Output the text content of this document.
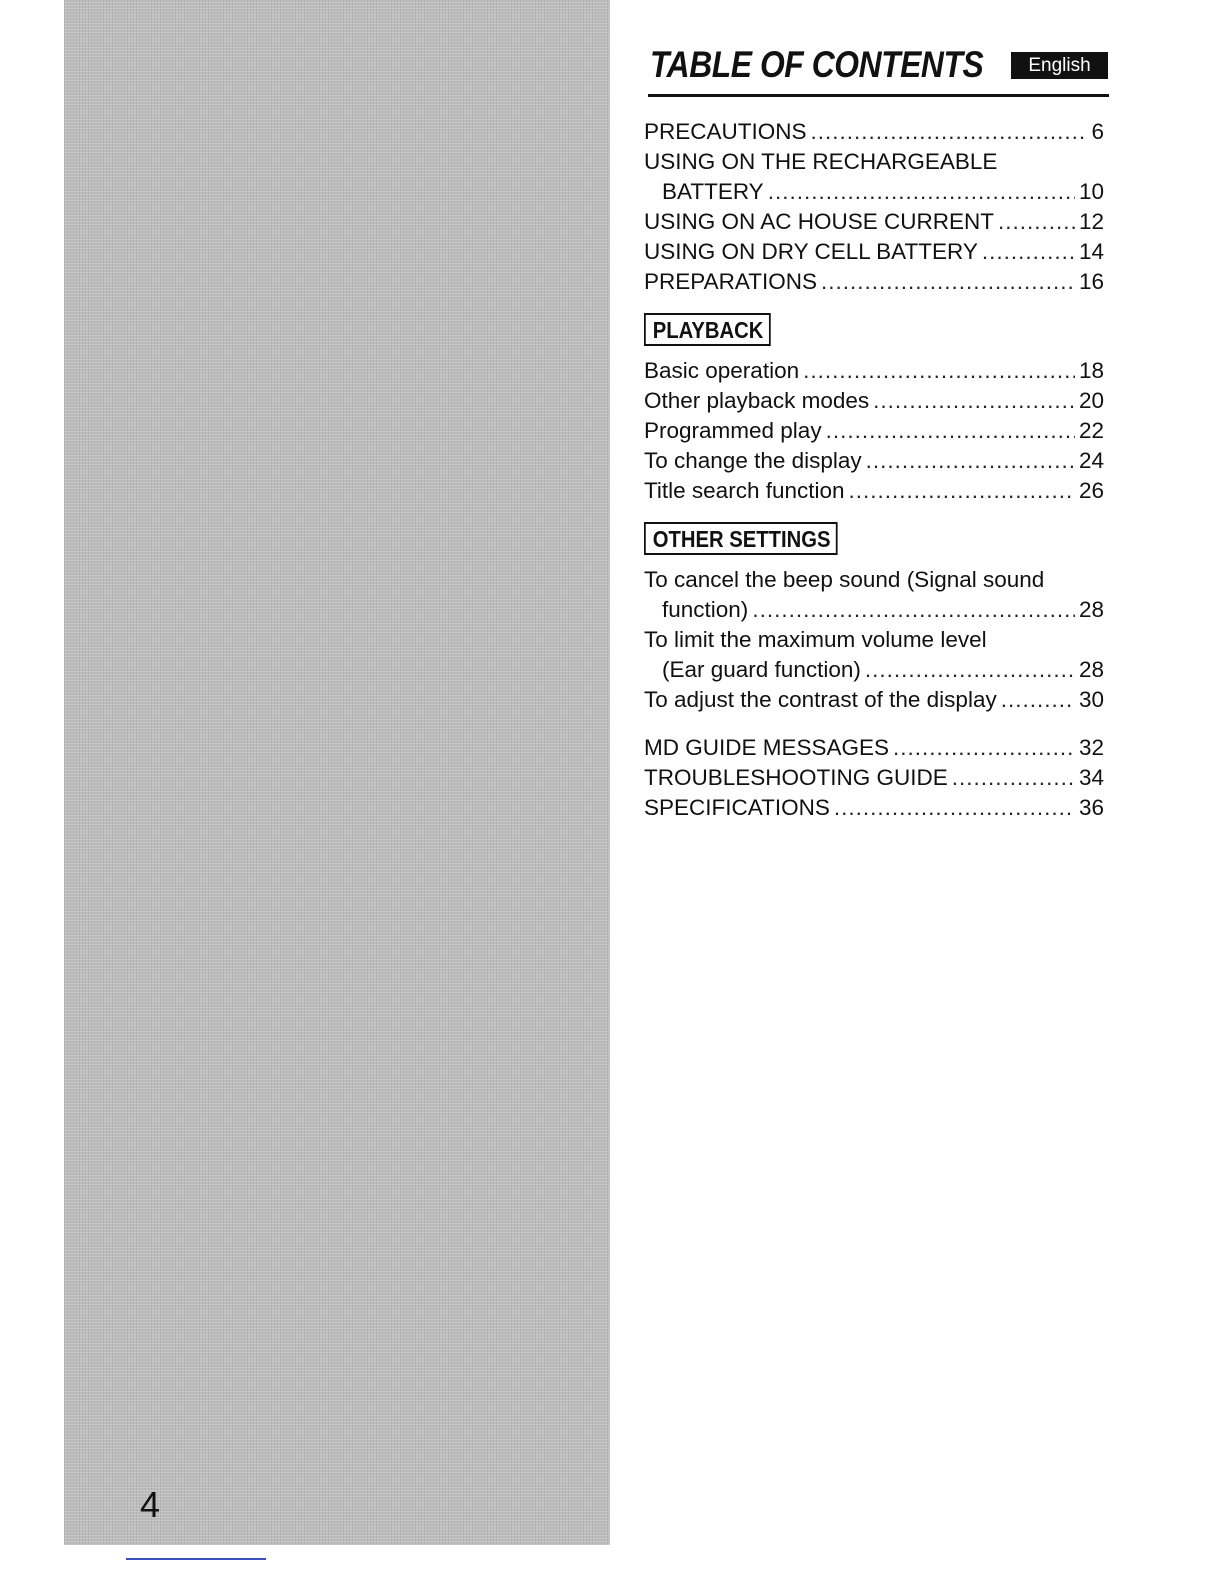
4
TABLE OF CONTENTS	English
PRECAUTIONS .....	6
USING ON THE RECHARGEABLE
BATTERY .....	10
USING ON AC HOUSE CURRENT .....	12
USING ON DRY CELL BATTERY .....	14
PREPARATIONS .....	16
PLAYBACK
Basic operation .....	18
Other playback modes .....	20
Programmed play .....	22
To change the display .....	24
Title search function .....	26
OTHER SETTINGS
To cancel the beep sound (Signal sound
function) .....	28
To limit the maximum volume level
(Ear guard function) .....	28
To adjust the contrast of the display .....	30
MD GUIDE MESSAGES .....	32
TROUBLESHOOTING GUIDE .....	34
SPECIFICATIONS .....	36
